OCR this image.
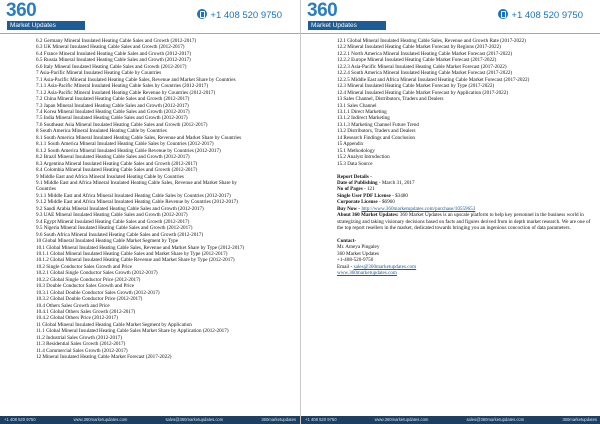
360
Market Updates
+1 408 520 9750
6.2 Germany Mineral Insulated Heating Cable Sales and Growth (2012-2017)
6.3 UK Mineral Insulated Heating Cable Sales and Growth (2012-2017)
6.4 France Mineral Insulated Heating Cable Sales and Growth (2012-2017)
6.5 Russia Mineral Insulated Heating Cable Sales and Growth (2012-2017)
6.6 Italy Mineral Insulated Heating Cable Sales and Growth (2012-2017)
7 Asia-Pacific Mineral Insulated Heating Cable by Countries
7.1 Asia-Pacific Mineral Insulated Heating Cable Sales, Revenue and Market Share by Countries
7.1.1 Asia-Pacific Mineral Insulated Heating Cable Sales by Countries (2012-2017)
7.1.2 Asia-Pacific Mineral Insulated Heating Cable Revenue by Countries (2012-2017)
7.2 China Mineral Insulated Heating Cable Sales and Growth (2012-2017)
7.3 Japan Mineral Insulated Heating Cable Sales and Growth (2012-2017)
7.4 Korea Mineral Insulated Heating Cable Sales and Growth (2012-2017)
7.5 India Mineral Insulated Heating Cable Sales and Growth (2012-2017)
7.6 Southeast Asia Mineral Insulated Heating Cable Sales and Growth (2012-2017)
8 South America Mineral Insulated Heating Cable by Countries
8.1 South America Mineral Insulated Heating Cable Sales, Revenue and Market Share by Countries
8.1.1 South America Mineral Insulated Heating Cable Sales by Countries (2012-2017)
8.1.2 South America Mineral Insulated Heating Cable Revenue by Countries (2012-2017)
8.2 Brazil Mineral Insulated Heating Cable Sales and Growth (2012-2017)
8.3 Argentina Mineral Insulated Heating Cable Sales and Growth (2012-2017)
8.4 Colombia Mineral Insulated Heating Cable Sales and Growth (2012-2017)
9 Middle East and Africa Mineral Insulated Heating Cable by Countries
9.1 Middle East and Africa Mineral Insulated Heating Cable Sales, Revenue and Market Share by
Countries
9.1.1 Middle East and Africa Mineral Insulated Heating Cable Sales by Countries (2012-2017)
9.1.2 Middle East and Africa Mineral Insulated Heating Cable Revenue by Countries (2012-2017)
9.2 Saudi Arabia Mineral Insulated Heating Cable Sales and Growth (2012-2017)
9.3 UAE Mineral Insulated Heating Cable Sales and Growth (2012-2017)
9.4 Egypt Mineral Insulated Heating Cable Sales and Growth (2012-2017)
9.5 Nigeria Mineral Insulated Heating Cable Sales and Growth (2012-2017)
9.6 South Africa Mineral Insulated Heating Cable Sales and Growth (2012-2017)
10 Global Mineral Insulated Heating Cable Market Segment by Type
10.1 Global Mineral Insulated Heating Cable Sales, Revenue and Market Share by Type (2012-2017)
10.1.1 Global Mineral Insulated Heating Cable Sales and Market Share by Type (2012-2017)
10.1.2 Global Mineral Insulated Heating Cable Revenue and Market Share by Type (2012-2017)
10.2 Single Conductor Sales Growth and Price
10.2.1 Global Single Conductor Sales Growth (2012-2017)
10.2.2 Global Single Conductor Price (2012-2017)
10.3 Double Conductor Sales Growth and Price
10.3.1 Global Double Conductor Sales Growth (2012-2017)
10.3.2 Global Double Conductor Price (2012-2017)
10.4 Others Sales Growth and Price
10.4.1 Global Others Sales Growth (2012-2017)
10.4.2 Global Others Price (2012-2017)
11 Global Mineral Insulated Heating Cable Market Segment by Application
11.1 Global Mineral Insulated Heating Cable Sales Market Share by Application (2012-2017)
11.2 Industrial Sales Growth (2012-2017)
11.3 Residential Sales Growth (2012-2017)
11.4 Commercial Sales Growth (2012-2017)
12 Mineral Insulated Heating Cable Market Forecast (2017-2022)
+1 408 520 9750	www.360marketupdates.com	sales@360marketupdates.com	360marketupdates
360
Market Updates
+1 408 520 9750
12.1 Global Mineral Insulated Heating Cable Sales, Revenue and Growth Rate (2017-2022)
12.2 Mineral Insulated Heating Cable Market Forecast by Regions (2017-2022)
12.2.1 North America Mineral Insulated Heating Cable Market Forecast (2017-2022)
12.2.2 Europe Mineral Insulated Heating Cable Market Forecast (2017-2022)
12.2.3 Asia-Pacific Mineral Insulated Heating Cable Market Forecast (2017-2022)
12.2.4 South America Mineral Insulated Heating Cable Market Forecast (2017-2022)
12.2.5 Middle East and Africa Mineral Insulated Heating Cable Market Forecast (2017-2022)
12.3 Mineral Insulated Heating Cable Market Forecast by Type (2017-2022)
12.4 Mineral Insulated Heating Cable Market Forecast by Application (2017-2022)
13 Sales Channel, Distributors, Traders and Dealers
13.1 Sales Channel
13.1.1 Direct Marketing
13.1.2 Indirect Marketing
13.1.3 Marketing Channel Future Trend
13.2 Distributors, Traders and Dealers
14 Research Findings and Conclusion
15 Appendix
15.1 Methodology
15.2 Analyst Introduction
15.3 Data Source
Report Details -
Date of Publishing - March 31, 2017
No of Pages - 121
Single User PDF License - $3480
Corporate License - $6960
Buy Now - http://www.360marketupdates.com/purchase/10559653
About 360 Market Updates: 360 Market Updates is an upscale platform to help key personnel in the business world in strategizing and taking visionary decisions based on facts and figures derived from in depth market research. We are one of the top report resellers in the market, dedicated towards bringing you an ingenious concoction of data parameters.
Contact-
Mr. Ameya Pingaley
360 Market Updates
+1-408-520-9750
Email - sales@360marketupdates.com
www.360marketupdates.com
+1 408 520 9750	www.360marketupdates.com	sales@360marketupdates.com	360marketupdates
